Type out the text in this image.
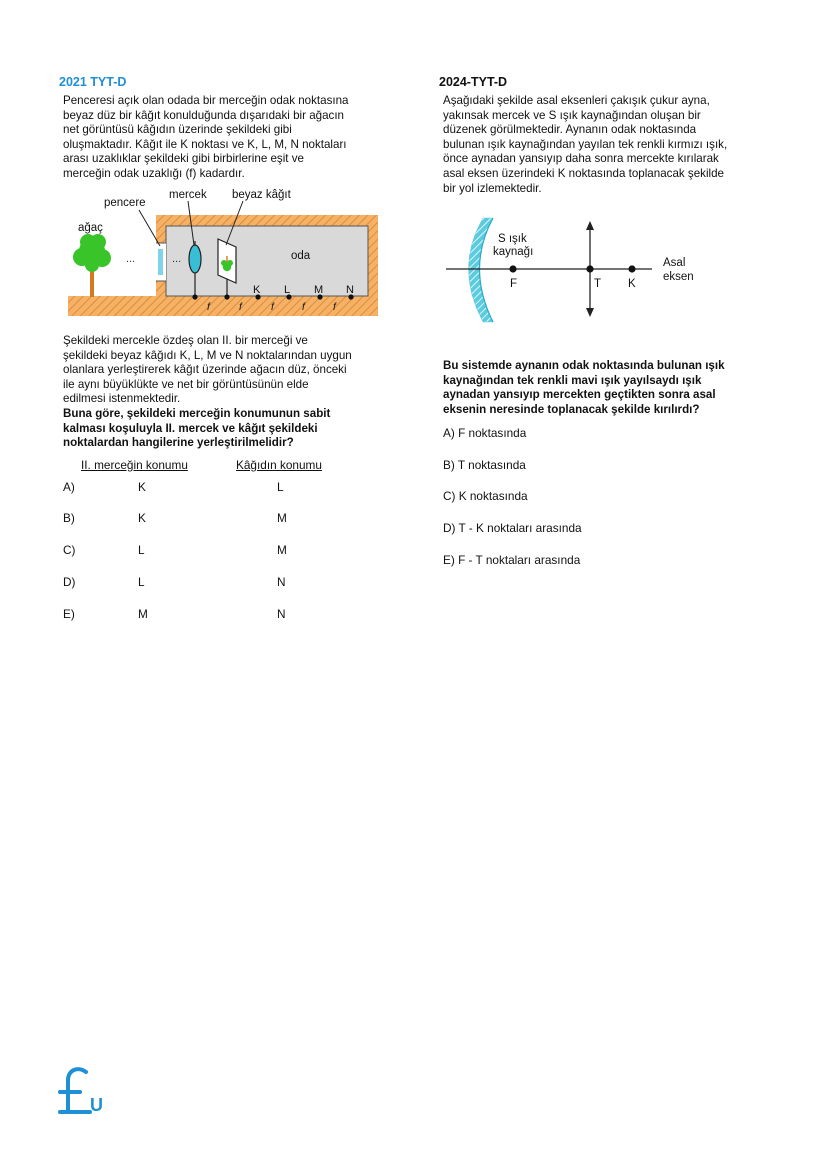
2021 TYT-D
Penceresi açık olan odada bir merceğin odak noktasına
beyaz düz bir kâğıt konulduğunda dışarıdaki bir ağacın
net görüntüsü kâğıdın üzerinde şekildeki gibi
oluşmaktadır. Kâğıt ile K noktası ve K, L, M, N noktaları
arası uzaklıklar şekildeki gibi birbirlerine eşit ve
merceğin odak uzaklığı (f) kadardır.
...	...
pencere
mercek beyaz kâğıt
ağaç
oda
K L M N
f	f	f	f	f
Şekildeki mercekle özdeş olan II. bir merceği ve
şekildeki beyaz kâğıdı K, L, M ve N noktalarından uygun
olanlara yerleştirerek kâğıt üzerinde ağacın düz, önceki
ile aynı büyüklükte ve net bir görüntüsünün elde
edilmesi istenmektedir.
Buna göre, şekildeki merceğin konumunun sabit
kalması koşuluyla II. mercek ve kâğıt şekildeki
noktalardan hangilerine yerleştirilmelidir?
II. merceğin konumu	Kâğıdın konumu
A)	K	L
B)	K	M
C)	L	M
D)	L	N
E)	M	N
2024-TYT-D
Aşağıdaki şekilde asal eksenleri çakışık çukur ayna,
yakınsak mercek ve S ışık kaynağından oluşan bir
düzenek görülmektedir. Aynanın odak noktasında
bulunan ışık kaynağından yayılan tek renkli kırmızı ışık,
önce aynadan yansıyıp daha sonra mercekte kırılarak
asal eksen üzerindeki K noktasında toplanacak şekilde
bir yol izlemektedir.
F	T K
S ışık
kaynağı
Asal
eksen
Bu sistemde aynanın odak noktasında bulunan ışık
kaynağından tek renkli mavi ışık yayılsaydı ışık
aynadan yansıyıp mercekten geçtikten sonra asal
eksenin neresinde toplanacak şekilde kırılırdı?
A) F noktasında
B) T noktasında
C) K noktasında
D) T - K noktaları arasında
E) F - T noktaları arasında
U
